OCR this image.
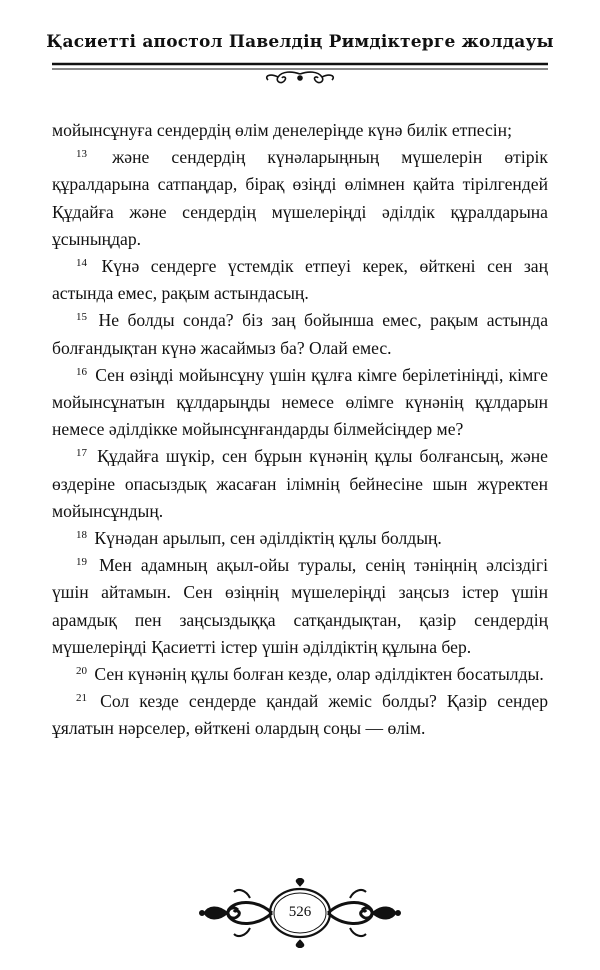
Қасиетті апостол Павелдің Римдіктерге жолдауы

мойынсұнуға сендердің өлім денелеріңде күнә билік етпесін;

$^{13}$ және сендердің күнәларыңның мүшелерін өтірік құралдарына сатпаңдар, бірақ өзіңді өлімнен қайта тірілгендей Құдайға және сендердің мүшелеріңді әділдік құралдарына ұсыныңдар.

$^{14}$ Күнә сендерге үстемдік етпеуі керек, өйткені сен заң астында емес, рақым астындасың.

$^{15}$ Не болды сонда? біз заң бойынша емес, рақым астында болғандықтан күнә жасаймыз ба? Олай емес.

$^{16}$ Сен өзіңді мойынсұну үшін құлға кімге берілетініңді, кімге мойынсұнатын құлдарыңды немесе өлімге күнәнің құлдарын немесе әділдікке мойынсұнғандарды білмейсіңдер ме?

$^{17}$ Құдайға шүкір, сен бұрын күнәнің құлы болғансың, және өздеріне опасыздық жасаған ілімнің бейнесіне шын жүректен мойынсұндың.

$^{18}$ Күнәдан арылып, сен әділдіктің құлы болдың.

$^{19}$ Мен адамның ақыл-ойы туралы, сенің тәніңнің әлсіздігі үшін айтамын. Сен өзіңнің мүшелеріңді заңсыз істер үшін арамдық пен заңсыздыққа сатқандықтан, қазір сендердің мүшелеріңді Қасиетті істер үшін әділдіктің құлына бер.

$^{20}$ Сен күнәнің құлы болған кезде, олар әділдіктен босатылды.

$^{21}$ Сол кезде сендерде қандай жеміс болды? Қазір сендер ұялатын нәрселер, өйткені олардың соңы — өлім.

526
